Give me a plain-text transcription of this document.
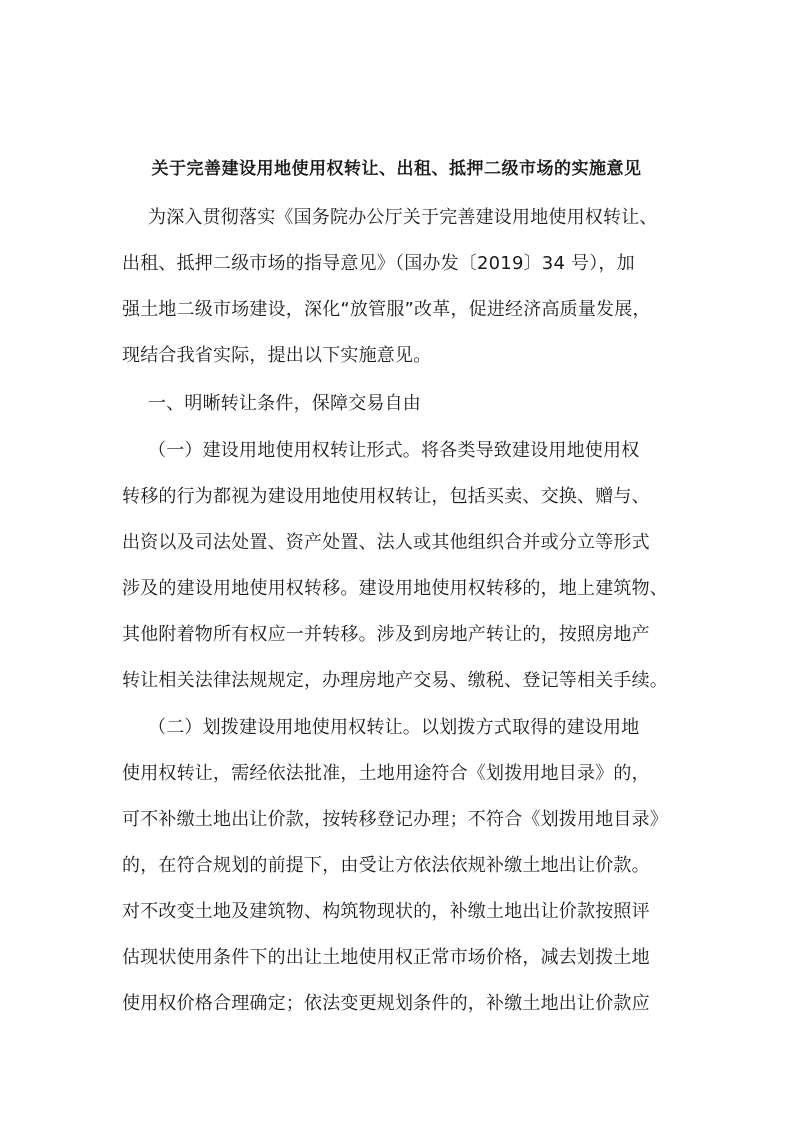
关于完善建设用地使用权转让、出租、抵押二级市场的实施意见
为深入贯彻落实《国务院办公厅关于完善建设用地使用权转让、
出租、抵押二级市场的指导意见》（国办发〔2019〕34 号），加
强土地二级市场建设，深化“放管服”改革，促进经济高质量发展，
现结合我省实际，提出以下实施意见。
一、明晰转让条件，保障交易自由
（一）建设用地使用权转让形式。将各类导致建设用地使用权
转移的行为都视为建设用地使用权转让，包括买卖、交换、赠与、
出资以及司法处置、资产处置、法人或其他组织合并或分立等形式
涉及的建设用地使用权转移。建设用地使用权转移的，地上建筑物、
其他附着物所有权应一并转移。涉及到房地产转让的，按照房地产
转让相关法律法规规定，办理房地产交易、缴税、登记等相关手续。
（二）划拨建设用地使用权转让。以划拨方式取得的建设用地
使用权转让，需经依法批准，土地用途符合《划拨用地目录》的，
可不补缴土地出让价款，按转移登记办理；不符合《划拨用地目录》
的，在符合规划的前提下，由受让方依法依规补缴土地出让价款。
对不改变土地及建筑物、构筑物现状的，补缴土地出让价款按照评
估现状使用条件下的出让土地使用权正常市场价格，减去划拨土地
使用权价格合理确定；依法变更规划条件的，补缴土地出让价款应
